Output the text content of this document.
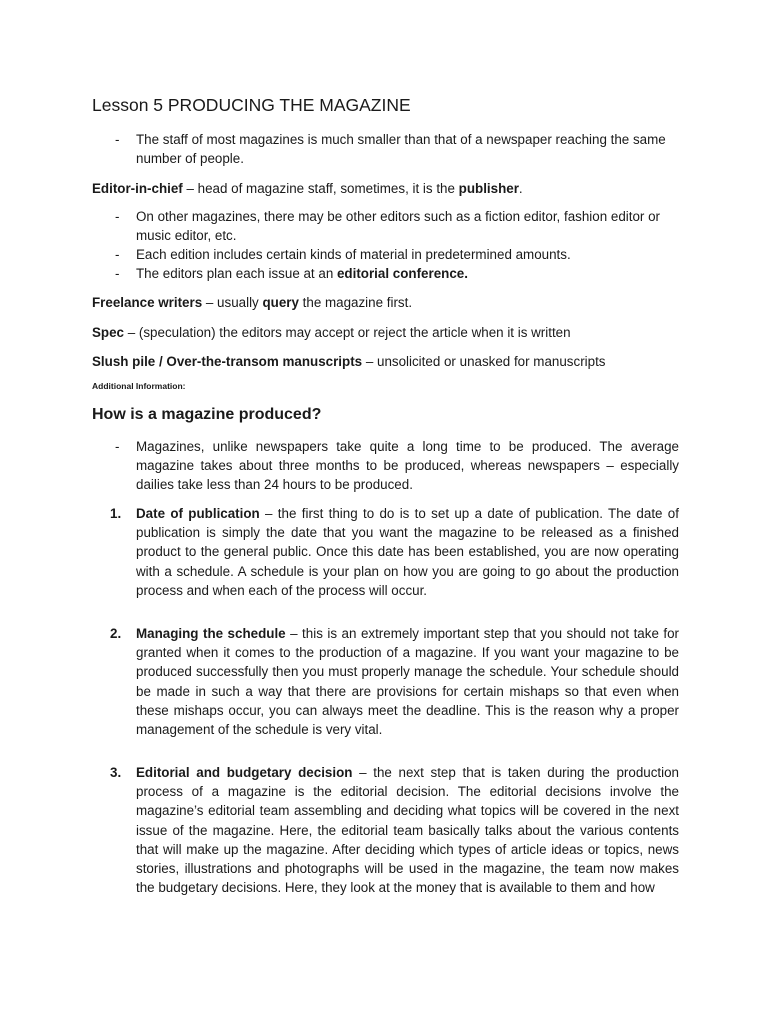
Lesson 5 PRODUCING THE MAGAZINE
-	The staff of most magazines is much smaller than that of a newspaper reaching the same number of people.
Editor-in-chief – head of magazine staff, sometimes, it is the publisher.
-	On other magazines, there may be other editors such as a fiction editor, fashion editor or music editor, etc.
-	Each edition includes certain kinds of material in predetermined amounts.
-	The editors plan each issue at an editorial conference.
Freelance writers – usually query the magazine first.
Spec – (speculation) the editors may accept or reject the article when it is written
Slush pile / Over-the-transom manuscripts – unsolicited or unasked for manuscripts
Additional Information:
How is a magazine produced?
-	Magazines, unlike newspapers take quite a long time to be produced. The average magazine takes about three months to be produced, whereas newspapers – especially dailies take less than 24 hours to be produced.
1.	Date of publication – the first thing to do is to set up a date of publication. The date of publication is simply the date that you want the magazine to be released as a finished product to the general public. Once this date has been established, you are now operating with a schedule. A schedule is your plan on how you are going to go about the production process and when each of the process will occur.
2.	Managing the schedule – this is an extremely important step that you should not take for granted when it comes to the production of a magazine. If you want your magazine to be produced successfully then you must properly manage the schedule. Your schedule should be made in such a way that there are provisions for certain mishaps so that even when these mishaps occur, you can always meet the deadline. This is the reason why a proper management of the schedule is very vital.
3.	Editorial and budgetary decision – the next step that is taken during the production process of a magazine is the editorial decision. The editorial decisions involve the magazine’s editorial team assembling and deciding what topics will be covered in the next issue of the magazine. Here, the editorial team basically talks about the various contents that will make up the magazine. After deciding which types of article ideas or topics, news stories, illustrations and photographs will be used in the magazine, the team now makes the budgetary decisions. Here, they look at the money that is available to them and how
